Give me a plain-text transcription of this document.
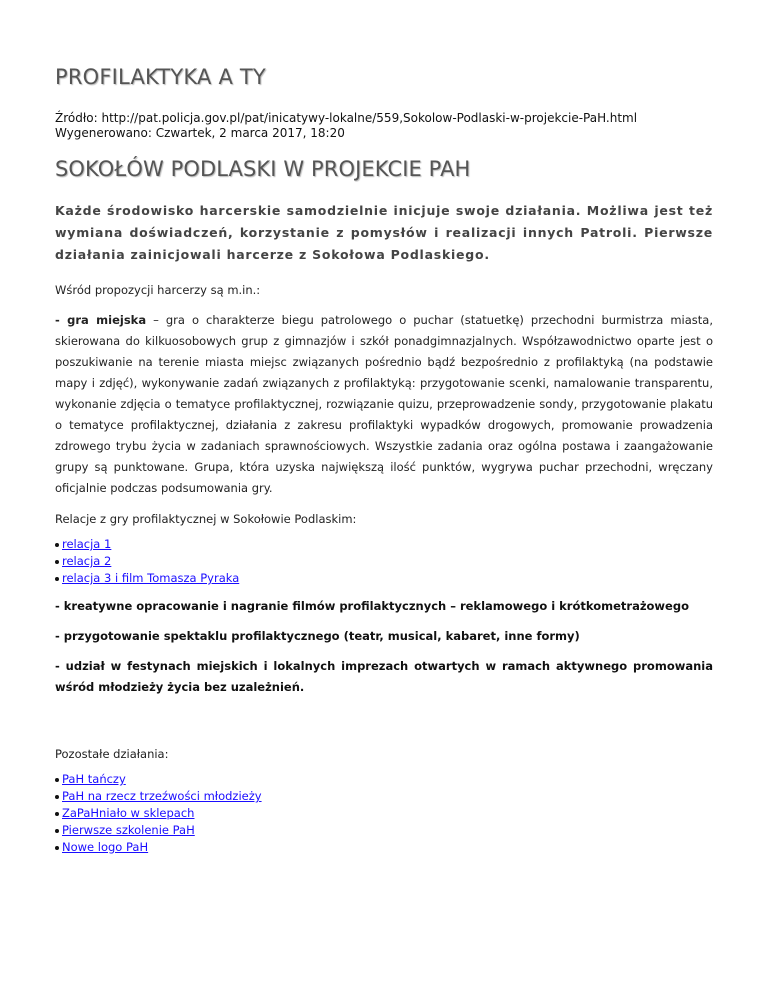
PROFILAKTYKA A TY
Źródło: http://pat.policja.gov.pl/pat/inicatywy-lokalne/559,Sokolow-Podlaski-w-projekcie-PaH.html
Wygenerowano: Czwartek, 2 marca 2017, 18:20
SOKOŁÓW PODLASKI W PROJEKCIE PAH

Każde środowisko harcerskie samodzielnie inicjuje swoje działania. Możliwa jest też wymiana doświadczeń, korzystanie z pomysłów i realizacji innych Patroli. Pierwsze działania zainicjowali harcerze z Sokołowa Podlaskiego.

Wśród propozycji harcerzy są m.in.:

- gra miejska – gra o charakterze biegu patrolowego o puchar (statuetkę) przechodni burmistrza miasta, skierowana do kilkuosobowych grup z gimnazjów i szkół ponadgimnazjalnych. Współzawodnictwo oparte jest o poszukiwanie na terenie miasta miejsc związanych pośrednio bądź bezpośrednio z profilaktyką (na podstawie mapy i zdjęć), wykonywanie zadań związanych z profilaktyką: przygotowanie scenki, namalowanie transparentu, wykonanie zdjęcia o tematyce profilaktycznej, rozwiązanie quizu, przeprowadzenie sondy, przygotowanie plakatu o tematyce profilaktycznej, działania z zakresu profilaktyki wypadków drogowych, promowanie prowadzenia zdrowego trybu życia w zadaniach sprawnościowych. Wszystkie zadania oraz ogólna postawa i zaangażowanie grupy są punktowane. Grupa, która uzyska największą ilość punktów, wygrywa puchar przechodni, wręczany oficjalnie podczas podsumowania gry.

Relacje z gry profilaktycznej w Sokołowie Podlaskim:

relacja 1
relacja 2
relacja 3 i film Tomasza Pyraka

- kreatywne opracowanie i nagranie filmów profilaktycznych – reklamowego i krótkometrażowego

- przygotowanie spektaklu profilaktycznego (teatr, musical, kabaret, inne formy)

- udział w festynach miejskich i lokalnych imprezach otwartych w ramach aktywnego promowania wśród młodzieży życia bez uzależnień.

Pozostałe działania:

PaH tańczy
PaH na rzecz trzeźwości młodzieży
ZaPaHniało w sklepach
Pierwsze szkolenie PaH
Nowe logo PaH
